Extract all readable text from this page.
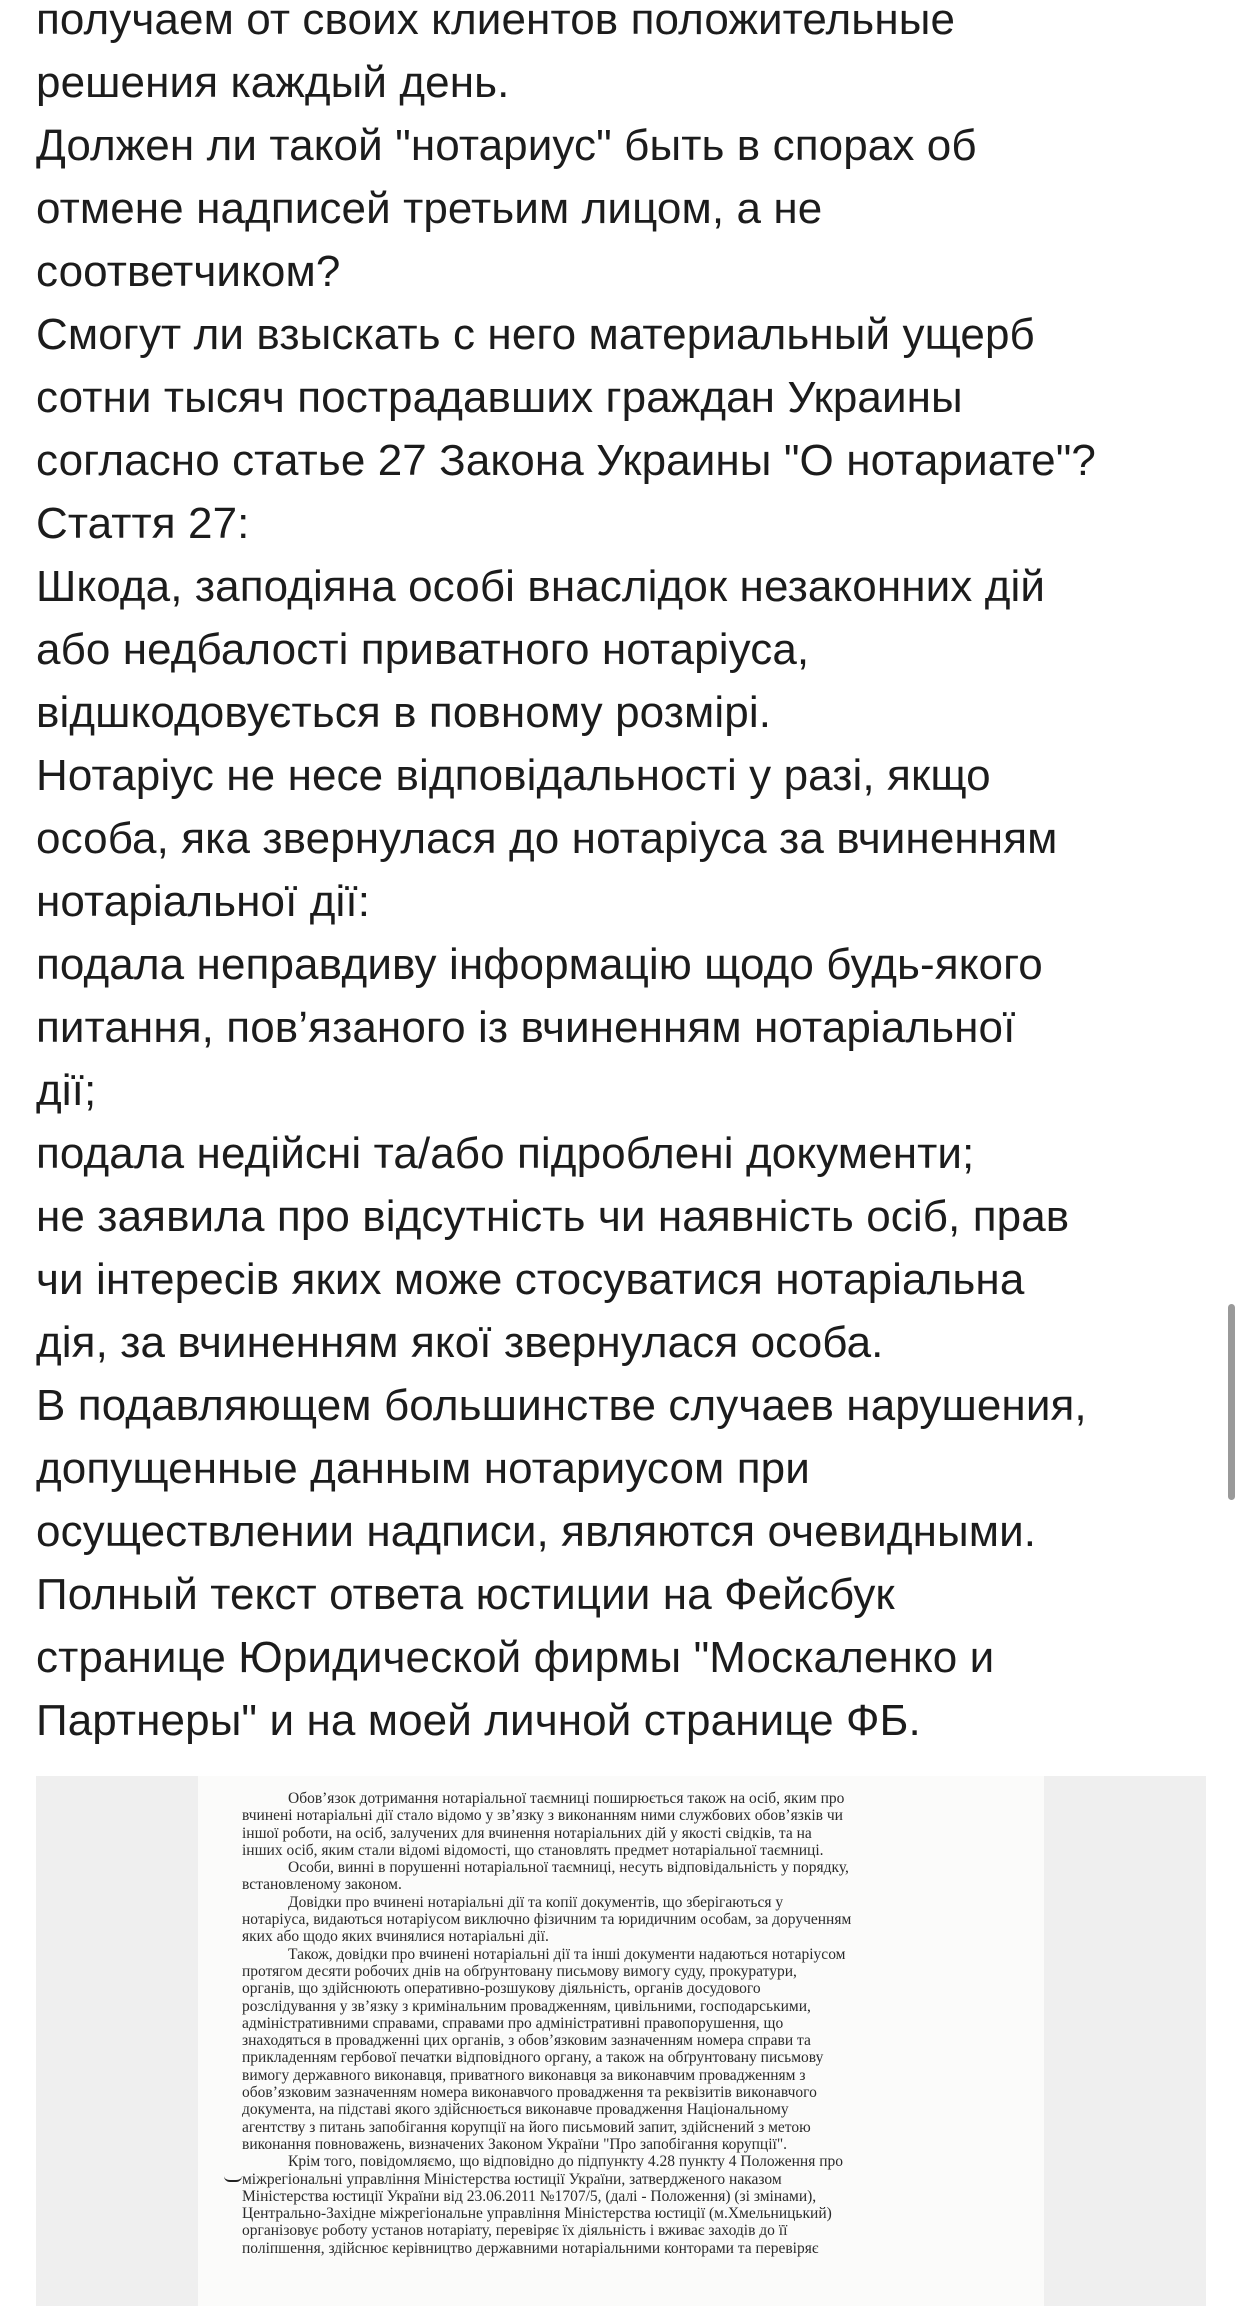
получаем от своих клиентов положительные
решения каждый день.
Должен ли такой "нотариус" быть в спорах об
отмене надписей третьим лицом, а не
соответчиком?
Смогут ли взыскать с него материальный ущерб
сотни тысяч пострадавших граждан Украины
согласно статье 27 Закона Украины "О нотариате"?
Стаття 27:
Шкода, заподіяна особі внаслідок незаконних дій
або недбалості приватного нотаріуса,
відшкодовується в повному розмірі.
Нотаріус не несе відповідальності у разі, якщо
особа, яка звернулася до нотаріуса за вчиненням
нотаріальної дії:
подала неправдиву інформацію щодо будь-якого
питання, пов’язаного із вчиненням нотаріальної
дії;
подала недійсні та/або підроблені документи;
не заявила про відсутність чи наявність осіб, прав
чи інтересів яких може стосуватися нотаріальна
дія, за вчиненням якої звернулася особа.
В подавляющем большинстве случаев нарушения,
допущенные данным нотариусом при
осуществлении надписи, являются очевидными.
Полный текст ответа юстиции на Фейсбук
странице Юридической фирмы "Москаленко и
Партнеры" и на моей личной странице ФБ.
Обов’язок дотримання нотаріальної таємниці поширюється також на осіб, яким про
вчинені нотаріальні дії стало відомо у зв’язку з виконанням ними службових обов’язків чи
іншої роботи, на осіб, залучених для вчинення нотаріальних дій у якості свідків, та на
інших осіб, яким стали відомі відомості, що становлять предмет нотаріальної таємниці.
Особи, винні в порушенні нотаріальної таємниці, несуть відповідальність у порядку,
встановленому законом.
Довідки про вчинені нотаріальні дії та копії документів, що зберігаються у
нотаріуса, видаються нотаріусом виключно фізичним та юридичним особам, за дорученням
яких або щодо яких вчинялися нотаріальні дії.
Також, довідки про вчинені нотаріальні дії та інші документи надаються нотаріусом
протягом десяти робочих днів на обґрунтовану письмову вимогу суду, прокуратури,
органів, що здійснюють оперативно-розшукову діяльність, органів досудового
розслідування у зв’язку з кримінальним провадженням, цивільними, господарськими,
адміністративними справами, справами про адміністративні правопорушення, що
знаходяться в провадженні цих органів, з обов’язковим зазначенням номера справи та
прикладенням гербової печатки відповідного органу, а також на обґрунтовану письмову
вимогу державного виконавця, приватного виконавця за виконавчим провадженням з
обов’язковим зазначенням номера виконавчого провадження та реквізитів виконавчого
документа, на підставі якого здійснюється виконавче провадження Національному
агентству з питань запобігання корупції на його письмовий запит, здійснений з метою
виконання повноважень, визначених Законом України "Про запобігання корупції".
Крім того, повідомляємо, що відповідно до підпункту 4.28 пункту 4 Положення про
міжрегіональні управління Міністерства юстиції України, затвердженого наказом
Міністерства юстиції України від 23.06.2011 №1707/5, (далі - Положення) (зі змінами),
Центрально-Західне міжрегіональне управління Міністерства юстиції (м.Хмельницький)
організовує роботу установ нотаріату, перевіряє їх діяльність і вживає заходів до її
поліпшення, здійснює керівництво державними нотаріальними конторами та перевіряє
